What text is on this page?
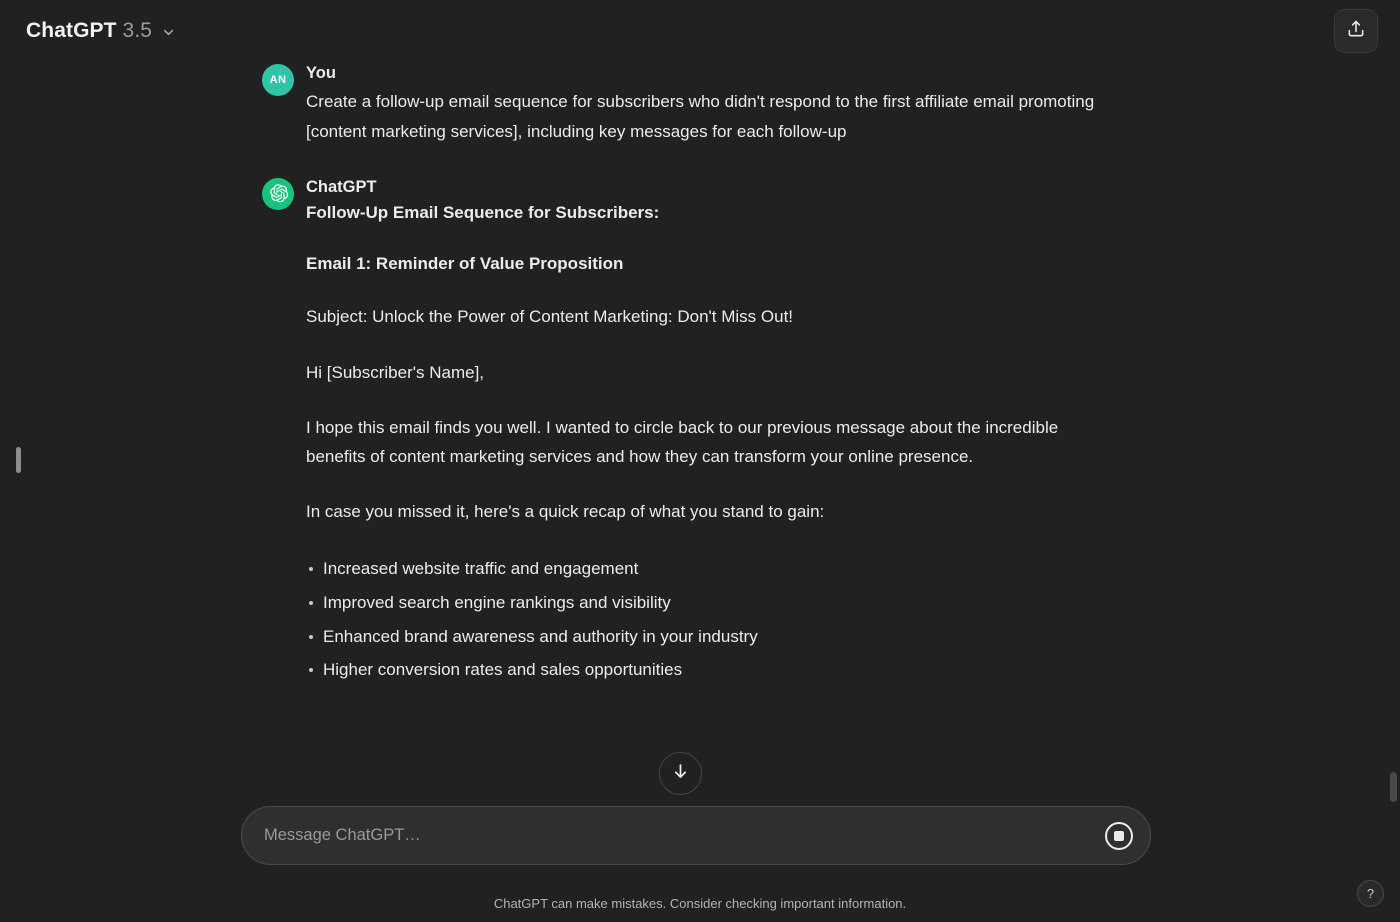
ChatGPT 3.5
AN You

Create a follow-up email sequence for subscribers who didn't respond to the first affiliate email promoting [content marketing services], including key messages for each follow-up

ChatGPT
Follow-Up Email Sequence for Subscribers:
Email 1: Reminder of Value Proposition

Subject: Unlock the Power of Content Marketing: Don't Miss Out!

Hi [Subscriber's Name],

I hope this email finds you well. I wanted to circle back to our previous message about the incredible benefits of content marketing services and how they can transform your online presence.

In case you missed it, here's a quick recap of what you stand to gain:

Increased website traffic and engagement
Improved search engine rankings and visibility
Enhanced brand awareness and authority in your industry
Higher conversion rates and sales opportunities
Message ChatGPT…
ChatGPT can make mistakes. Consider checking important information.
?
